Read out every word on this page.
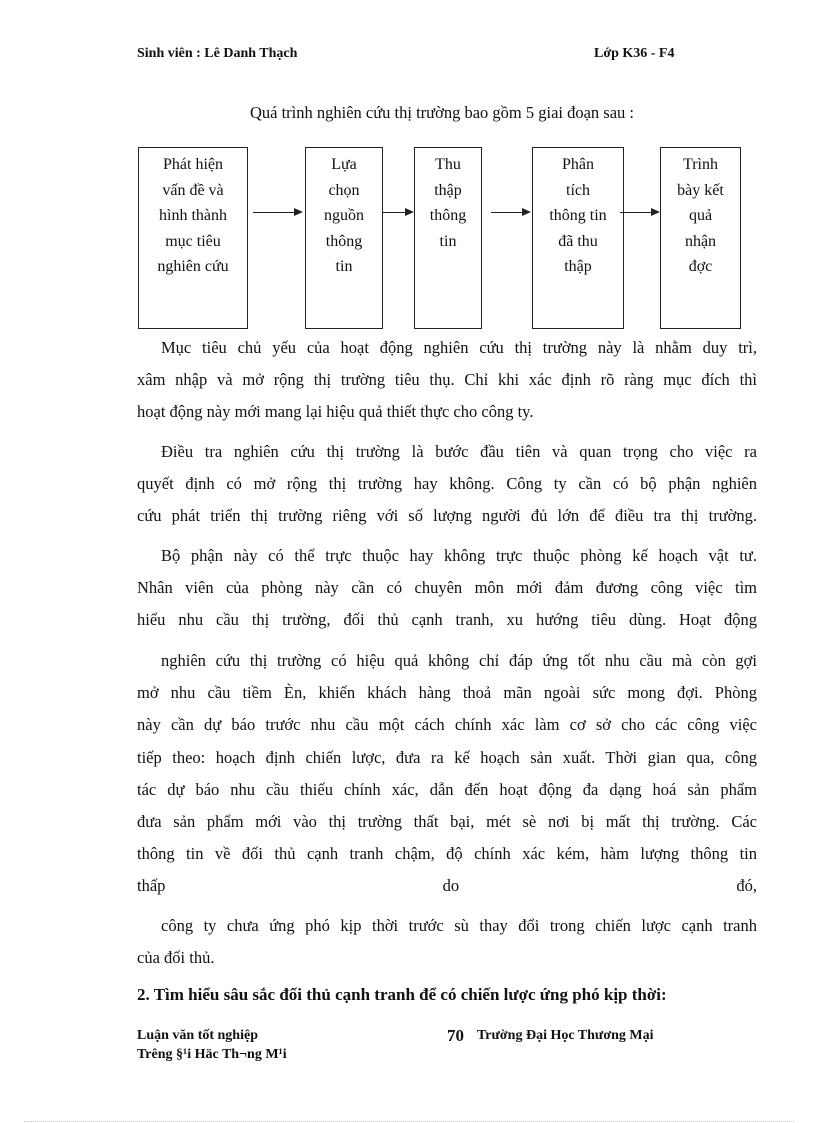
Sinh viên : Lê Danh Thạch	Lớp K36 - F4
Quá trình nghiên cứu thị trường bao gồm 5 giai đoạn sau :
Phát hiện
vấn đề và
hình thành
mục tiêu
nghiên cứu
Lựa
chọn
nguồn
thông
tin
Thu
thập
thông
tin
Phân
tích
thông tin
đã thu
thập
Trình
bày kết
quả
nhận
đợc
Mục tiêu chủ yếu của hoạt động nghiên cứu thị trường này là nhằm duy trì,
xâm nhập và mở rộng thị trường tiêu thụ. Chỉ khi xác định rõ ràng mục đích thì
hoạt động này mới mang lại hiệu quả thiết thực cho công ty.
Điều tra nghiên cứu thị trường là bước đầu tiên và quan trọng cho việc ra
quyết định có mở rộng thị trường hay không. Công ty cần có bộ phận nghiên
cứu phát triển thị trường riêng với số lượng người đủ lớn để điều tra thị trường.
Bộ phận này có thể trực thuộc hay không trực thuộc phòng kế hoạch vật tư.
Nhân viên của phòng này cần có chuyên môn mới đảm đương công việc tìm
hiểu nhu cầu thị trường, đối thủ cạnh tranh, xu hướng tiêu dùng. Hoạt động
nghiên cứu thị trường có hiệu quả không chỉ đáp ứng tốt nhu cầu mà còn gợi
mở nhu cầu tiềm Èn, khiến khách hàng thoả mãn ngoài sức mong đợi. Phòng
này cần dự báo trước nhu cầu một cách chính xác làm cơ sở cho các công việc
tiếp theo: hoạch định chiến lược, đưa ra kế hoạch sản xuất. Thời gian qua, công
tác dự báo nhu cầu thiếu chính xác, dẫn đến hoạt động đa dạng hoá sản phẩm
đưa sản phẩm mới vào thị trường thất bại, mét sè nơi bị mất thị trường. Các
thông tin về đối thủ cạnh tranh chậm, độ chính xác kém, hàm lượng thông tin
thấp                                                do                                                đó,
công ty chưa ứng phó kịp thời trước sù thay đổi trong chiến lược cạnh tranh
của đối thủ.
2. Tìm hiểu sâu sắc đối thủ cạnh tranh để có chiến lược ứng phó kịp thời:
Luận văn tốt nghiệp
Trêng §¹i Häc Th¬ng M¹i
70 Trường Đại Học Thương Mại
